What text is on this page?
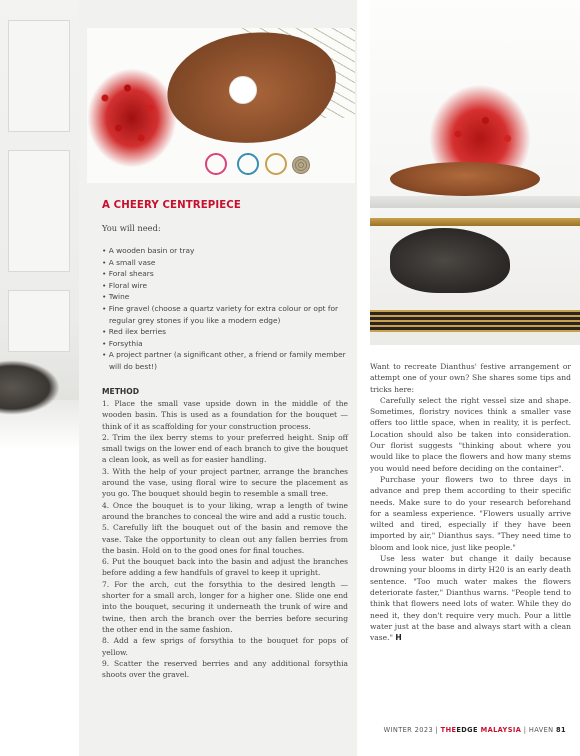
A CHEERY CENTREPIECE
You will need:
• A wooden basin or tray
• A small vase
• Foral shears
• Floral wire
• Twine
• Fine gravel (choose a quartz variety for extra colour or opt for regular grey stones if you like a modern edge)
• Red ilex berries
• Forsythia
• A project partner (a significant other, a friend or family member will do best!)
METHOD
1. Place the small vase upside down in the middle of the wooden basin. This is used as a foundation for the bouquet — think of it as scaffolding for your construction process.
2. Trim the ilex berry stems to your preferred height. Snip off small twigs on the lower end of each branch to give the bouquet a clean look, as well as for easier handling.
3. With the help of your project partner, arrange the branches around the vase, using floral wire to secure the placement as you go. The bouquet should begin to resemble a small tree.
4. Once the bouquet is to your liking, wrap a length of twine around the branches to conceal the wire and add a rustic touch.
5. Carefully lift the bouquet out of the basin and remove the vase. Take the opportunity to clean out any fallen berries from the basin. Hold on to the good ones for final touches.
6. Put the bouquet back into the basin and adjust the branches before adding a few handfuls of gravel to keep it upright.
7. For the arch, cut the forsythia to the desired length — shorter for a small arch, longer for a higher one. Slide one end into the bouquet, securing it underneath the trunk of wire and twine, then arch the branch over the berries before securing the other end in the same fashion.
8. Add a few sprigs of forsythia to the bouquet for pops of yellow.
9. Scatter the reserved berries and any additional forsythia shoots over the gravel.

Want to recreate Dianthus' festive arrangement or attempt one of your own? She shares some tips and tricks here:

Carefully select the right vessel size and shape. Sometimes, floristry novices think a smaller vase offers too little space, when in reality, it is perfect. Location should also be taken into consideration. Our florist suggests "thinking about where you would like to place the flowers and how many stems you would need before deciding on the container".

Purchase your flowers two to three days in advance and prep them according to their specific needs. Make sure to do your research beforehand for a seamless experience. "Flowers usually arrive wilted and tired, especially if they have been imported by air," Dianthus says. "They need time to bloom and look nice, just like people."

Use less water but change it daily because drowning your blooms in dirty H20 is an early death sentence. "Too much water makes the flowers deteriorate faster," Dianthus warns. "People tend to think that flowers need lots of water. While they do need it, they don't require very much. Pour a little water just at the base and always start with a clean vase." H

WINTER 2023 | THEEDGE MALAYSIA | HAVEN 81
